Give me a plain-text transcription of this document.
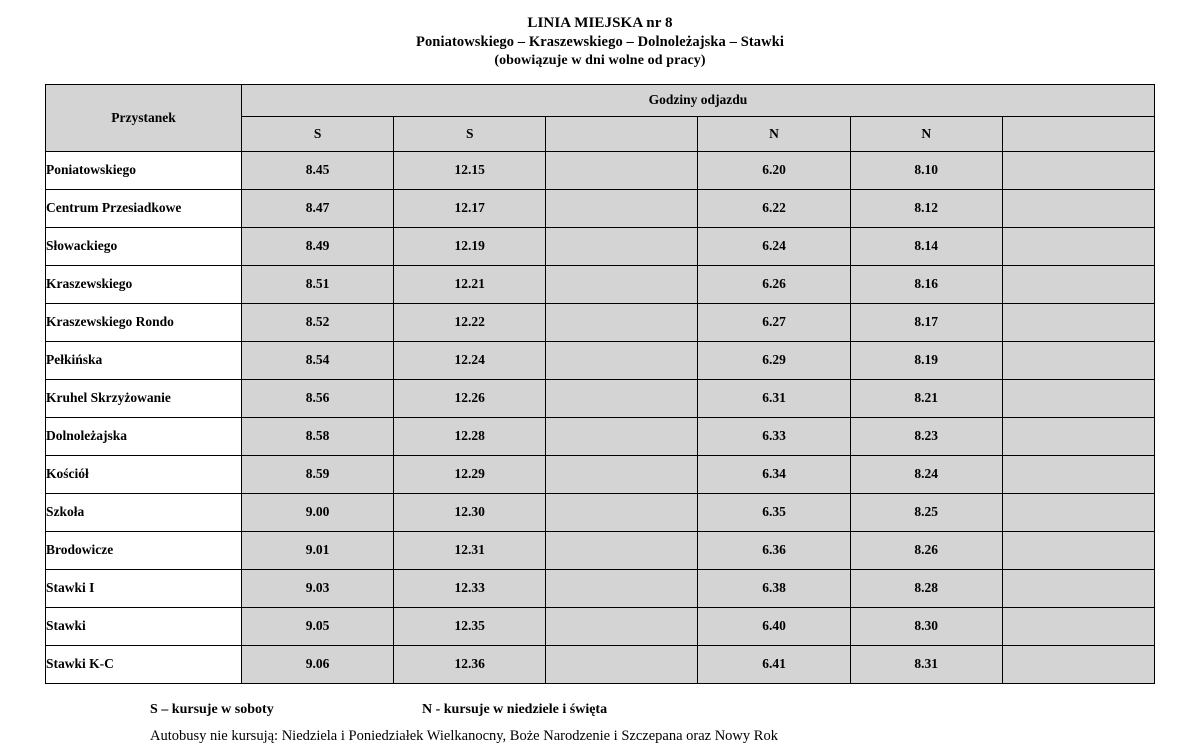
LINIA MIEJSKA nr 8
Poniatowskiego – Kraszewskiego – Dolnoleżajska – Stawki
(obowiązuje w dni wolne od pracy)
Przystanek	Godziny odjazdu					
	S	S		N	N	
Poniatowskiego	8.45	12.15		6.20	8.10	
Centrum Przesiadkowe	8.47	12.17		6.22	8.12	
Słowackiego	8.49	12.19		6.24	8.14	
Kraszewskiego	8.51	12.21		6.26	8.16	
Kraszewskiego Rondo	8.52	12.22		6.27	8.17	
Pełkińska	8.54	12.24		6.29	8.19	
Kruhel Skrzyżowanie	8.56	12.26		6.31	8.21	
Dolnoleżajska	8.58	12.28		6.33	8.23	
Kościół	8.59	12.29		6.34	8.24	
Szkoła	9.00	12.30		6.35	8.25	
Brodowicze	9.01	12.31		6.36	8.26	
Stawki I	9.03	12.33		6.38	8.28	
Stawki	9.05	12.35		6.40	8.30	
Stawki K-C	9.06	12.36		6.41	8.31	
S – kursuje w soboty	N - kursuje w niedziele i święta
Autobusy nie kursują: Niedziela i Poniedziałek Wielkanocny, Boże Narodzenie i Szczepana oraz Nowy Rok
